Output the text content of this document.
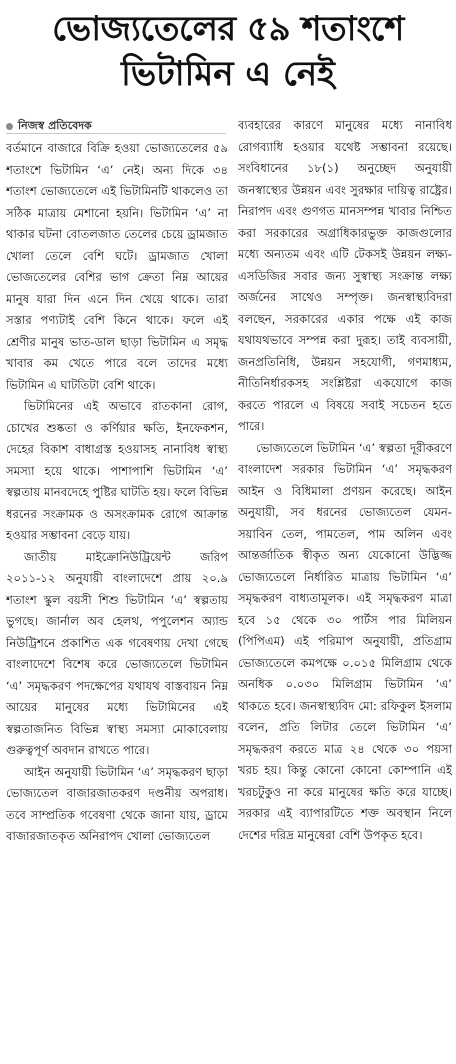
ভোজ্যতেলের ৫৯ শতাংশে
ভিটামিন এ নেই
নিজস্ব প্রতিবেদক

বর্তমানে বাজারে বিক্রি হওয়া ভোজ্যতেলের ৫৯ শতাংশে ভিটামিন ‘এ’ নেই। অন্য দিকে ৩৪ শতাংশ ভোজ্যতেলে এই ভিটামিনটি থাকলেও তা সঠিক মাত্রায় মেশানো হয়নি। ভিটামিন ‘এ’ না থাকার ঘটনা বোতলজাত তেলের চেয়ে ড্রামজাত খোলা তেলে বেশি ঘটে। ড্রামজাত খোলা ভোজতেলের বেশির ভাগ ক্রেতা নিম্ন আয়ের মানুষ যারা দিন এনে দিন খেয়ে থাকে। তারা সস্তার পণ্যটাই বেশি কিনে থাকে। ফলে এই শ্রেণীর মানুষ ভাত-ডাল ছাড়া ভিটামিন এ সমৃদ্ধ খাবার কম খেতে পারে বলে তাদের মধ্যে ভিটামিন এ ঘাটতিটা বেশি থাকে।

ভিটামিনের এই অভাবে রাতকানা রোগ, চোখের শুষ্কতা ও কর্ণিয়ার ক্ষতি, ইনফেকশন, দেহের বিকাশ বাধাগ্রস্ত হওয়াসহ নানাবিধ স্বাস্থ্য সমস্যা হয়ে থাকে। পাশাপাশি ভিটামিন ‘এ’ স্বল্পতায় মানবদেহে পুষ্টির ঘাটতি হয়। ফলে বিভিন্ন ধরনের সংক্রামক ও অসংক্রামক রোগে আক্রান্ত হওয়ার সম্ভাবনা বেড়ে যায়।

জাতীয় মাইক্রোনিউট্রিয়েন্ট জরিপ ২০১১-১২ অনুযায়ী বাংলাদেশে প্রায় ২০.৯ শতাংশ স্কুল বয়সী শিশু ভিটামিন ‘এ’ স্বল্পতায় ভুগছে। জার্নাল অব হেলথ, পপুলেশন অ্যান্ড নিউট্রিশনে প্রকাশিত এক গবেষণায় দেখা গেছে বাংলাদেশে বিশেষ করে ভোজ্যতেলে ভিটামিন ‘এ’ সমৃদ্ধকরণ পদক্ষেপের যথাযথ বাস্তবায়ন নিম্ন আয়ের মানুষের মধ্যে ভিটামিনের এই স্বল্পতাজনিত বিভিন্ন স্বাস্থ্য সমস্যা মোকাবেলায় গুরুত্বপূর্ণ অবদান রাখতে পারে।

আইন অনুযায়ী ভিটামিন ‘এ’ সমৃদ্ধকরণ ছাড়া ভোজ্যতেল বাজারজাতকরণ দণ্ডনীয় অপরাধ। তবে সাম্প্রতিক গবেষণা থেকে জানা যায়, ড্রামে বাজারজাতকৃত অনিরাপদ খোলা ভোজ্যতেল

ব্যবহারের কারণে মানুষের মধ্যে নানাবিধ রোগব্যাধি হওয়ার যথেষ্ট সম্ভাবনা রয়েছে। সংবিধানের ১৮(১) অনুচ্ছেদ অনুযায়ী জনস্বাস্থ্যের উন্নয়ন এবং সুরক্ষার দায়িত্ব রাষ্ট্রের। নিরাপদ এবং গুণগত মানসম্পন্ন খাবার নিশ্চিত করা সরকারের অগ্রাধিকারভুক্ত কাজগুলোর মধ্যে অন্যতম এবং এটি টেকসই উন্নয়ন লক্ষ্য-এসডিজির সবার জন্য সুস্বাস্থ্য সংক্রান্ত লক্ষ্য অর্জনের সাথেও সম্পৃক্ত। জনস্বাস্থ্যবিদরা বলছেন, সরকারের একার পক্ষে এই কাজ যথাযথভাবে সম্পন্ন করা দুরূহ। তাই ব্যবসায়ী, জনপ্রতিনিধি, উন্নয়ন সহযোগী, গণমাধ্যম, নীতিনির্ধারকসহ সংশ্লিষ্টরা একযোগে কাজ করতে পারলে এ বিষয়ে সবাই সচেতন হতে পারে।

ভোজ্যতেলে ভিটামিন ‘এ’ স্বল্পতা দূরীকরণে বাংলাদেশ সরকার ভিটামিন ‘এ’ সমৃদ্ধকরণ আইন ও বিধিমালা প্রণয়ন করেছে। আইন অনুযায়ী, সব ধরনের ভোজ্যতেল যেমন- সয়াবিন তেল, পামতেল, পাম অলিন এবং আন্তর্জাতিক স্বীকৃত অন্য যেকোনো উদ্ভিজ্জ ভোজ্যতেলে নির্ধারিত মাত্রায় ভিটামিন ‘এ’ সমৃদ্ধকরণ বাধ্যতামূলক। এই সমৃদ্ধকরণ মাত্রা হবে ১৫ থেকে ৩০ পার্টস পার মিলিয়ন (পিপিএম) এই পরিমাপ অনুযায়ী, প্রতিগ্রাম ভোজ্যতেলে কমপক্ষে ০.০১৫ মিলিগ্রাম থেকে অনধিক ০.০৩০ মিলিগ্রাম ভিটামিন ‘এ’ থাকতে হবে। জনস্বাস্থ্যবিদ মো: রফিকুল ইসলাম বলেন, প্রতি লিটার তেলে ভিটামিন ‘এ’ সমৃদ্ধকরণ করতে মাত্র ২৪ থেকে ৩০ পয়সা খরচ হয়। কিন্তু কোনো কোনো কোম্পানি এই খরচটুকুও না করে মানুষের ক্ষতি করে যাচ্ছে। সরকার এই ব্যাপারটিতে শক্ত অবস্থান নিলে দেশের দরিদ্র মানুষেরা বেশি উপকৃত হবে।
